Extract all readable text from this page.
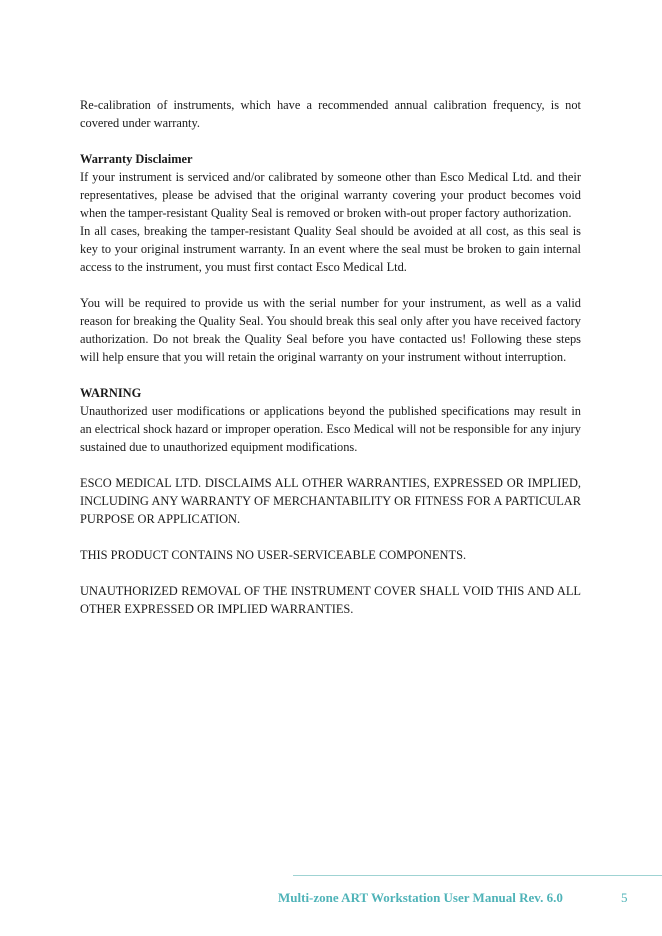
Re-calibration of instruments, which have a recommended annual calibration frequency, is not covered under warranty.

Warranty Disclaimer

If your instrument is serviced and/or calibrated by someone other than Esco Medical Ltd. and their representatives, please be advised that the original warranty covering your product becomes void when the tamper-resistant Quality Seal is removed or broken with-out proper factory authorization.

In all cases, breaking the tamper-resistant Quality Seal should be avoided at all cost, as this seal is key to your original instrument warranty. In an event where the seal must be broken to gain internal access to the instrument, you must first contact Esco Medical Ltd.

You will be required to provide us with the serial number for your instrument, as well as a valid reason for breaking the Quality Seal. You should break this seal only after you have received factory authorization. Do not break the Quality Seal before you have contacted us! Following these steps will help ensure that you will retain the original warranty on your instrument without interruption.

WARNING

Unauthorized user modifications or applications beyond the published specifications may result in an electrical shock hazard or improper operation. Esco Medical will not be responsible for any injury sustained due to unauthorized equipment modifications.

ESCO MEDICAL LTD. DISCLAIMS ALL OTHER WARRANTIES, EXPRESSED OR IMPLIED, INCLUDING ANY WARRANTY OF MERCHANTABILITY OR FITNESS FOR A PARTICULAR PURPOSE OR APPLICATION.

THIS PRODUCT CONTAINS NO USER-SERVICEABLE COMPONENTS.

UNAUTHORIZED REMOVAL OF THE INSTRUMENT COVER SHALL VOID THIS AND ALL OTHER EXPRESSED OR IMPLIED WARRANTIES.

Multi-zone ART Workstation User Manual Rev. 6.0	5
